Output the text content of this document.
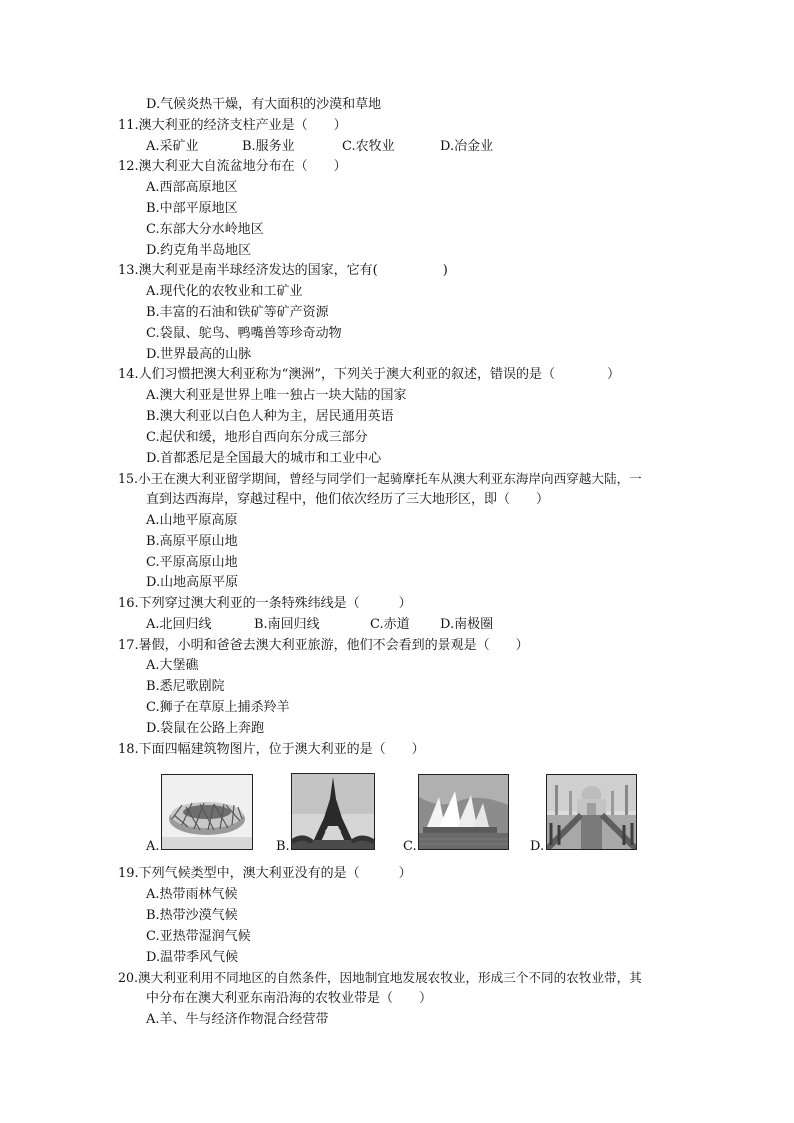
D.气候炎热干燥，有大面积的沙漠和草地
11.澳大利亚的经济支柱产业是（　　）
A.采矿业	B.服务业	C.农牧业	D.冶金业
12.澳大利亚大自流盆地分布在（　　）
A.西部高原地区
B.中部平原地区
C.东部大分水岭地区
D.约克角半岛地区
13.澳大利亚是南半球经济发达的国家，它有(　　　　　)
A.现代化的农牧业和工矿业
B.丰富的石油和铁矿等矿产资源
C.袋鼠、鸵鸟、鸭嘴兽等珍奇动物
D.世界最高的山脉
14.人们习惯把澳大利亚称为“澳洲”，下列关于澳大利亚的叙述，错误的是（　　　　）
A.澳大利亚是世界上唯一独占一块大陆的国家
B.澳大利亚以白色人种为主，居民通用英语
C.起伏和缓，地形自西向东分成三部分
D.首都悉尼是全国最大的城市和工业中心
15.小王在澳大利亚留学期间，曾经与同学们一起骑摩托车从澳大利亚东海岸向西穿越大陆，一
直到达西海岸，穿越过程中，他们依次经历了三大地形区，即（　　）
A.山地平原高原
B.高原平原山地
C.平原高原山地
D.山地高原平原
16.下列穿过澳大利亚的一条特殊纬线是（　　　）
A.北回归线	B.南回归线	C.赤道 D.南极圈
17.暑假，小明和爸爸去澳大利亚旅游，他们不会看到的景观是（　　）
A.大堡礁
B.悉尼歌剧院
C.狮子在草原上捕杀羚羊
D.袋鼠在公路上奔跑
18.下面四幅建筑物图片，位于澳大利亚的是（　　）
A.	B.	C.	D.
19.下列气候类型中，澳大利亚没有的是（　　　）
A.热带雨林气候
B.热带沙漠气候
C.亚热带湿润气候
D.温带季风气候
20.澳大利亚利用不同地区的自然条件，因地制宜地发展农牧业，形成三个不同的农牧业带，其
中分布在澳大利亚东南沿海的农牧业带是（　　）
A.羊、牛与经济作物混合经营带
